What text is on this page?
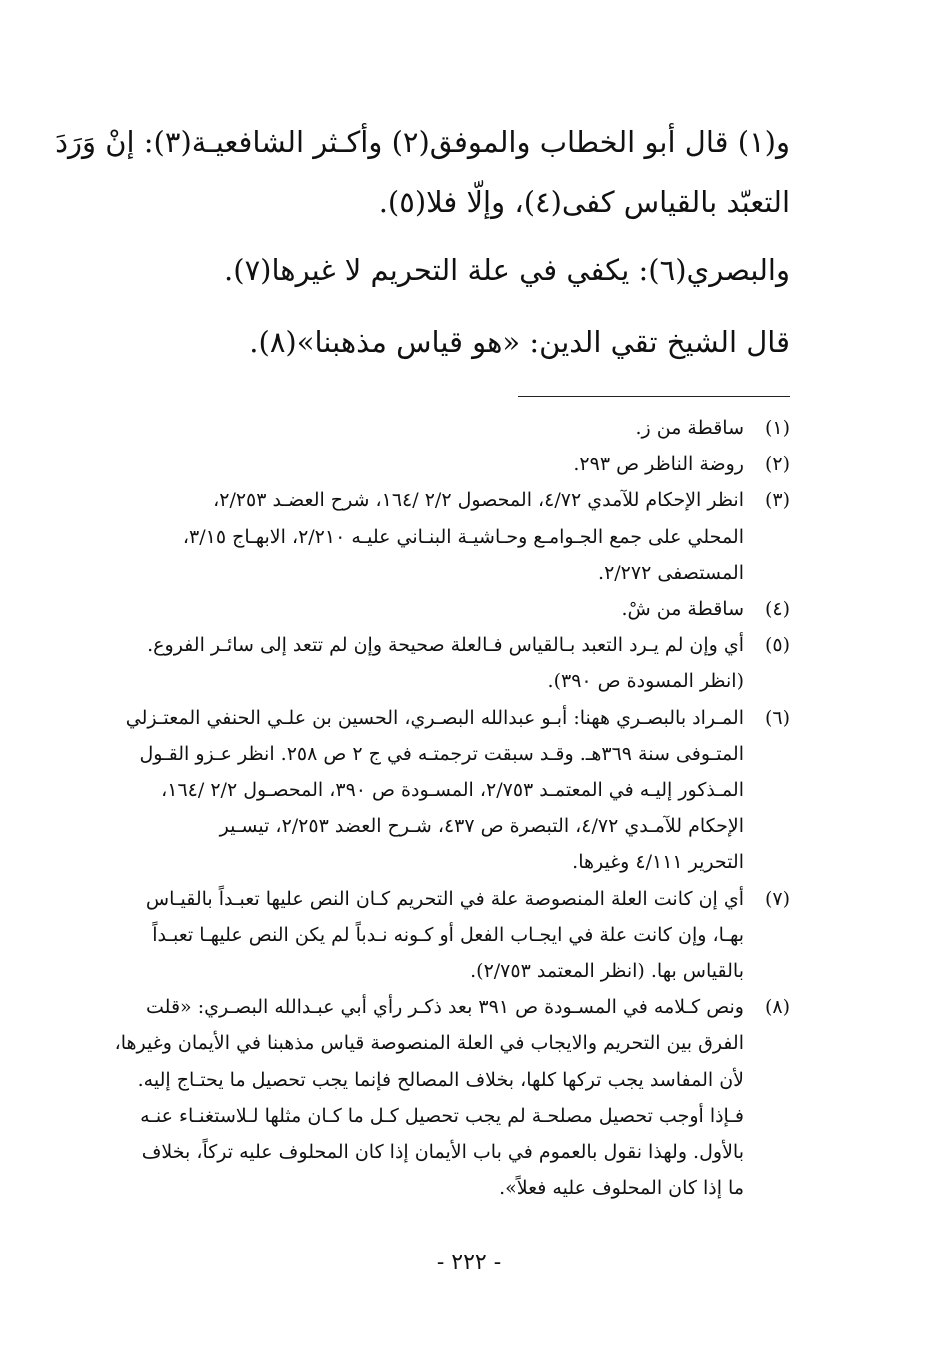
و(١) قال أبو الخطاب والموفق(٢) وأكـثر الشافعيـة(٣): إنْ وَرَدَ
التعبّد بالقياس كفى(٤)، وإلّا فلا(٥).
والبصري(٦): يكفي في علة التحريم لا غيرها(٧).
قال الشيخ تقي الدين: «هو قياس مذهبنا»(٨).
(١)
ساقطة من ز.
(٢)
روضة الناظر ص ٢٩٣.
(٣)
انظر الإحكام للآمدي ٤/٧٢، المحصول ٢/٢ /١٦٤، شرح العضـد ٢/٢٥٣،
المحلي على جمع الجـوامـع وحـاشيـة البنـاني عليـه ٢/٢١٠، الابهـاج ٣/١٥،
المستصفى ٢/٢٧٢.
(٤)
ساقطة من شْ.
(٥)
أي وإن لم يـرد التعبد بـالقياس فـالعلة صحيحة وإن لم تتعد إلى سائـر الفروع.
(انظر المسودة ص ٣٩٠).
(٦)
المـراد بالبصـري ههنا: أبـو عبدالله البصـري، الحسين بن علـي الحنفي المعتـزلي
المتـوفى سنة ٣٦٩هـ. وقـد سبقت ترجمتـه في ج ٢ ص ٢٥٨. انظر عـزو القـول
المـذكور إليـه في المعتمـد ٢/٧٥٣، المسـودة ص ٣٩٠، المحصـول ٢/٢ /١٦٤،
الإحكام للآمـدي ٤/٧٢، التبصرة ص ٤٣٧، شـرح العضد ٢/٢٥٣، تيسـير
التحرير ٤/١١١ وغيرها.
(٧)
أي إن كانت العلة المنصوصة علة في التحريم كـان النص عليها تعبـداً بالقيـاس
بهـا، وإن كانت علة في ايجـاب الفعل أو كـونه نـدباً لم يكن النص عليهـا تعبـداً
بالقياس بها. (انظر المعتمد ٢/٧٥٣).
(٨)
ونص كـلامه في المسـودة ص ٣٩١ بعد ذكـر رأي أبي عبـدالله البصـري: «قلت
الفرق بين التحريم والايجاب في العلة المنصوصة قياس مذهبنا في الأيمان وغيرها،
لأن المفاسد يجب تركها كلها، بخلاف المصالح فإنما يجب تحصيل ما يحتـاج إليه.
فـإذا أوجب تحصيل مصلحـة لم يجب تحصيل كـل ما كـان مثلها لـلاستغنـاء عنـه
بالأول. ولهذا نقول بالعموم في باب الأيمان إذا كان المحلوف عليه تركاً، بخلاف
ما إذا كان المحلوف عليه فعلاً».
- ٢٢٢ -
